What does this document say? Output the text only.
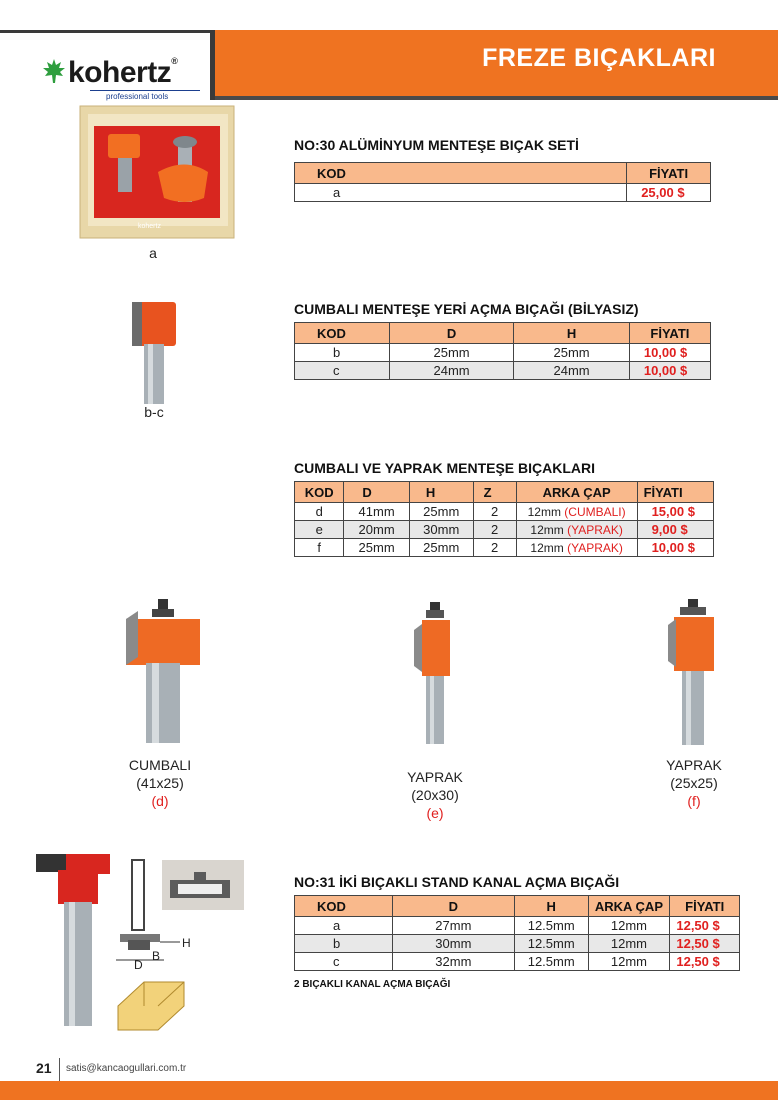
FREZE BIÇAKLARI
kohertz®
professional tools
kohertz
a
NO:30 ALÜMİNYUM MENTEŞE BIÇAK SETİ
KOD	FİYATI
a	25,00 $
b-c
CUMBALI MENTEŞE YERİ AÇMA BIÇAĞI (BİLYASIZ)
KOD	D	H	FİYATI
b	25mm	25mm	10,00 $
c	24mm	24mm	10,00 $
CUMBALI VE YAPRAK MENTEŞE BIÇAKLARI
KOD	D	H	Z	ARKA ÇAP	FİYATI
d	41mm	25mm	2	12mm (CUMBALI)	15,00 $
e	20mm	30mm	2	12mm (YAPRAK)	9,00 $
f	25mm	25mm	2	12mm (YAPRAK)	10,00 $
CUMBALI
(41x25)
(d)
YAPRAK
(20x30)
(e)
YAPRAK
(25x25)
(f)
H
B
D
NO:31 İKİ BIÇAKLI STAND KANAL AÇMA BIÇAĞI
KOD	D	H	ARKA ÇAP	FİYATI
a	27mm	12.5mm	12mm	12,50 $
b	30mm	12.5mm	12mm	12,50 $
c	32mm	12.5mm	12mm	12,50 $
2 BIÇAKLI KANAL AÇMA BIÇAĞI
21 satis@kancaogullari.com.tr
